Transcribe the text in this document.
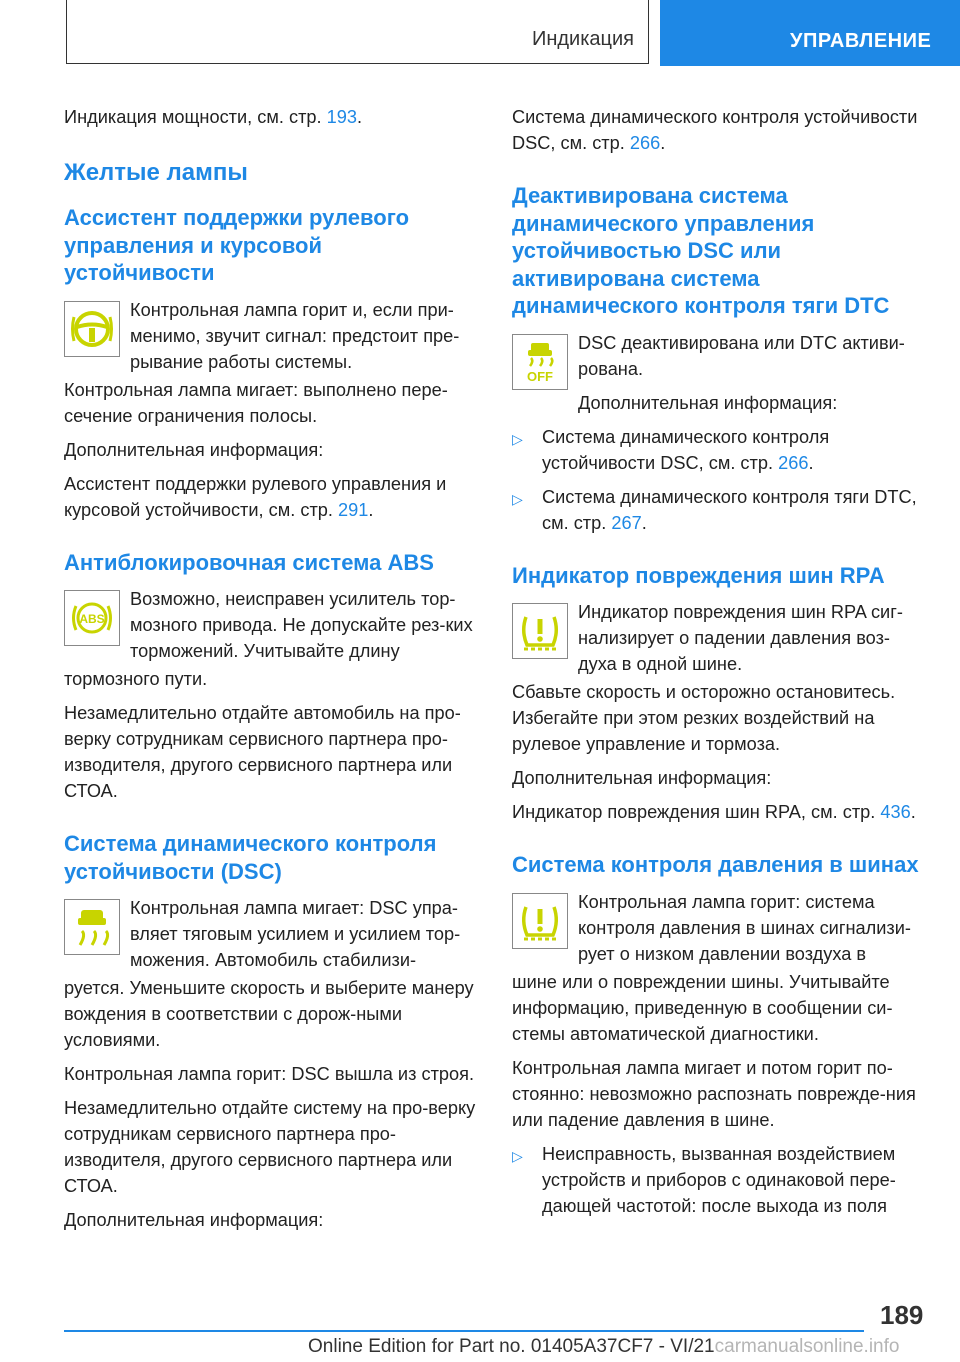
Индикация	УПРАВЛЕНИЕ

Индикация мощности, см. стр. 193.

Желтые лампы
Ассистент поддержки рулевого управления и курсовой устойчивости

Контрольная лампа горит и, если при‐менимо, звучит сигнал: предстоит пре‐рывание работы системы.

Контрольная лампа мигает: выполнено пере‐сечение ограничения полосы.

Дополнительная информация:

Ассистент поддержки рулевого управления и курсовой устойчивости, см. стр. 291.

Антиблокировочная система ABS
ABS

Возможно, неисправен усилитель тор‐мозного привода. Не допускайте рез‐ких торможений. Учитывайте длину

тормозного пути.

Незамедлительно отдайте автомобиль на про‐верку сотрудникам сервисного партнера про‐изводителя, другого сервисного партнера или СТОА.

Система динамического контроля устойчивости (DSC)

Контрольная лампа мигает: DSC упра‐вляет тяговым усилием и усилием тор‐можения. Автомобиль стабилизи‐

руется. Уменьшите скорость и выберите манеру вождения в соответствии с дорож‐ными условиями.

Контрольная лампа горит: DSC вышла из строя.

Незамедлительно отдайте систему на про‐верку сотрудникам сервисного партнера про‐изводителя, другого сервисного партнера или СТОА.

Дополнительная информация:

Система динамического контроля устойчивости DSC, см. стр. 266.

Деактивирована система динамического управления устойчивостью DSC или активирована система динамического контроля тяги DTC
OFF

DSC деактивирована или DTC активи‐рована.

Дополнительная информация:

▷	Система динамического контроля устойчивости DSC, см. стр. 266.
▷	Система динамического контроля тяги DTC, см. стр. 267.
Индикатор повреждения шин RPA

Индикатор повреждения шин RPA сиг‐нализирует о падении давления воз‐духа в одной шине.

Сбавьте скорость и осторожно остановитесь. Избегайте при этом резких воздействий на рулевое управление и тормоза.

Дополнительная информация:

Индикатор повреждения шин RPA, см. стр. 436.

Система контроля давления в шинах

Контрольная лампа горит: система контроля давления в шинах сигнализи‐рует о низком давлении воздуха в

шине или о повреждении шины. Учитывайте информацию, приведенную в сообщении си‐стемы автоматической диагностики.

Контрольная лампа мигает и потом горит по‐стоянно: невозможно распознать поврежде‐ния или падение давления в шине.

▷	Неисправность, вызванная воздействием устройств и приборов с одинаковой пере‐дающей частотой: после выхода из поля
189
Online Edition for Part no. 01405A37CF7 - VI/21carmanualsonline.info
